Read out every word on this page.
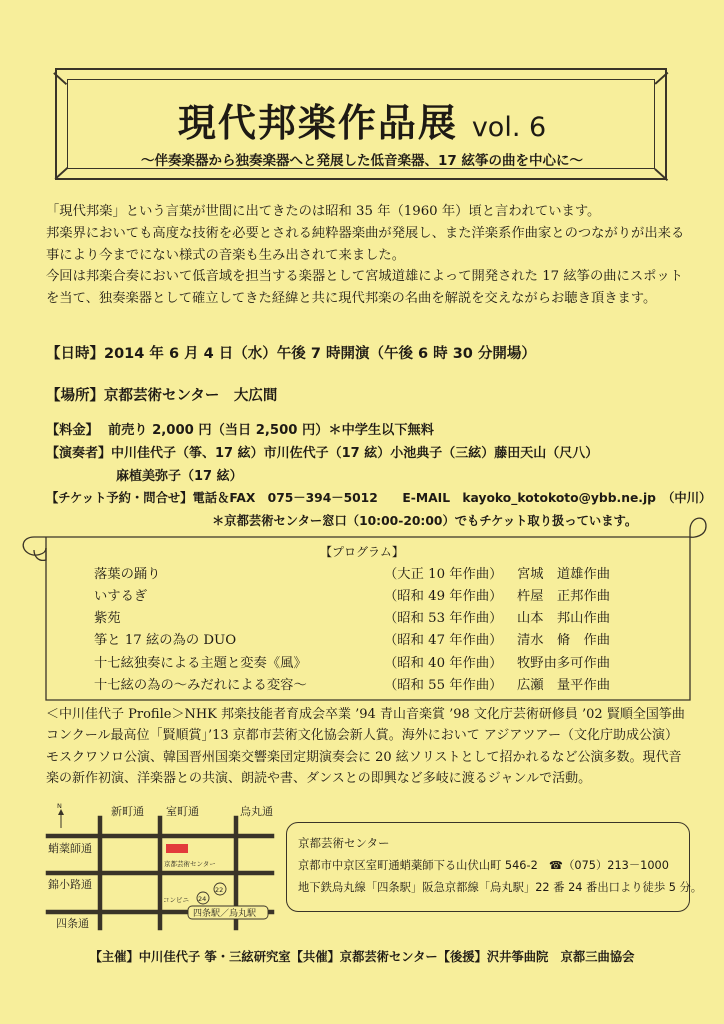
現代邦楽作品展 vol. 6
～伴奏楽器から独奏楽器へと発展した低音楽器、17 絃筝の曲を中心に～

「現代邦楽」という言葉が世間に出てきたのは昭和 35 年（1960 年）頃と言われています。

邦楽界においても高度な技術を必要とされる純粋器楽曲が発展し、また洋楽系作曲家とのつながりが出来る事により今までにない様式の音楽も生み出されて来ました。

今回は邦楽合奏において低音域を担当する楽器として宮城道雄によって開発された 17 絃筝の曲にスポットを当て、独奏楽器として確立してきた経緯と共に現代邦楽の名曲を解説を交えながらお聴き頂きます。

【日時】2014 年 6 月 4 日（水）午後 7 時開演（午後 6 時 30 分開場）
【場所】京都芸術センター　大広間
【料金】 前売り 2,000 円（当日 2,500 円）＊中学生以下無料
【演奏者】中川佳代子（筝、17 絃）市川佐代子（17 絃）小池典子（三絃）藤田天山（尺八）
麻植美弥子（17 絃）
【チケット予約・問合せ】電話＆FAX　075－394－5012　　E-MAIL　kayoko_kotokoto@ybb.ne.jp　（中川）
＊京都芸術センター窓口（10:00-20:00）でもチケット取り扱っています。
【プログラム】
落葉の踊り	（大正 10 年作曲） 宮城　道雄作曲
いするぎ	（昭和 49 年作曲） 杵屋　正邦作曲
紫苑	（昭和 53 年作曲） 山本　邦山作曲
筝と 17 絃の為の DUO	（昭和 47 年作曲） 清水　脩　作曲
十七絃独奏による主題と変奏《風》	（昭和 40 年作曲） 牧野由多可作曲
十七絃の為の～みだれによる変容～	（昭和 55 年作曲） 広瀬　量平作曲

＜中川佳代子 Profile＞NHK 邦楽技能者育成会卒業 ’94 青山音楽賞 ’98 文化庁芸術研修員 ’02 賢順全国筝曲コンクール最高位「賢順賞」’13 京都市芸術文化協会新人賞。海外において アジアツアー（文化庁助成公演）モスクワソロ公演、韓国晋州国楽交響楽団定期演奏会に 20 絃ソリストとして招かれるなど公演多数。現代音楽の新作初演、洋楽器との共演、朗読や書、ダンスとの即興など多岐に渡るジャンルで活動。

N	新町通 室町通	烏丸通
蛸薬師通
錦小路通
四条通
京都芸術センター
コンビニ 24
22
四条駅／烏丸駅
京都芸術センター
京都市中京区室町通蛸薬師下る山伏山町 546-2　☎（075）213－1000
地下鉄烏丸線「四条駅」阪急京都線「烏丸駅」22 番 24 番出口より徒歩 5 分。
【主催】中川佳代子 筝・三絃研究室【共催】京都芸術センター【後援】沢井筝曲院　京都三曲協会
